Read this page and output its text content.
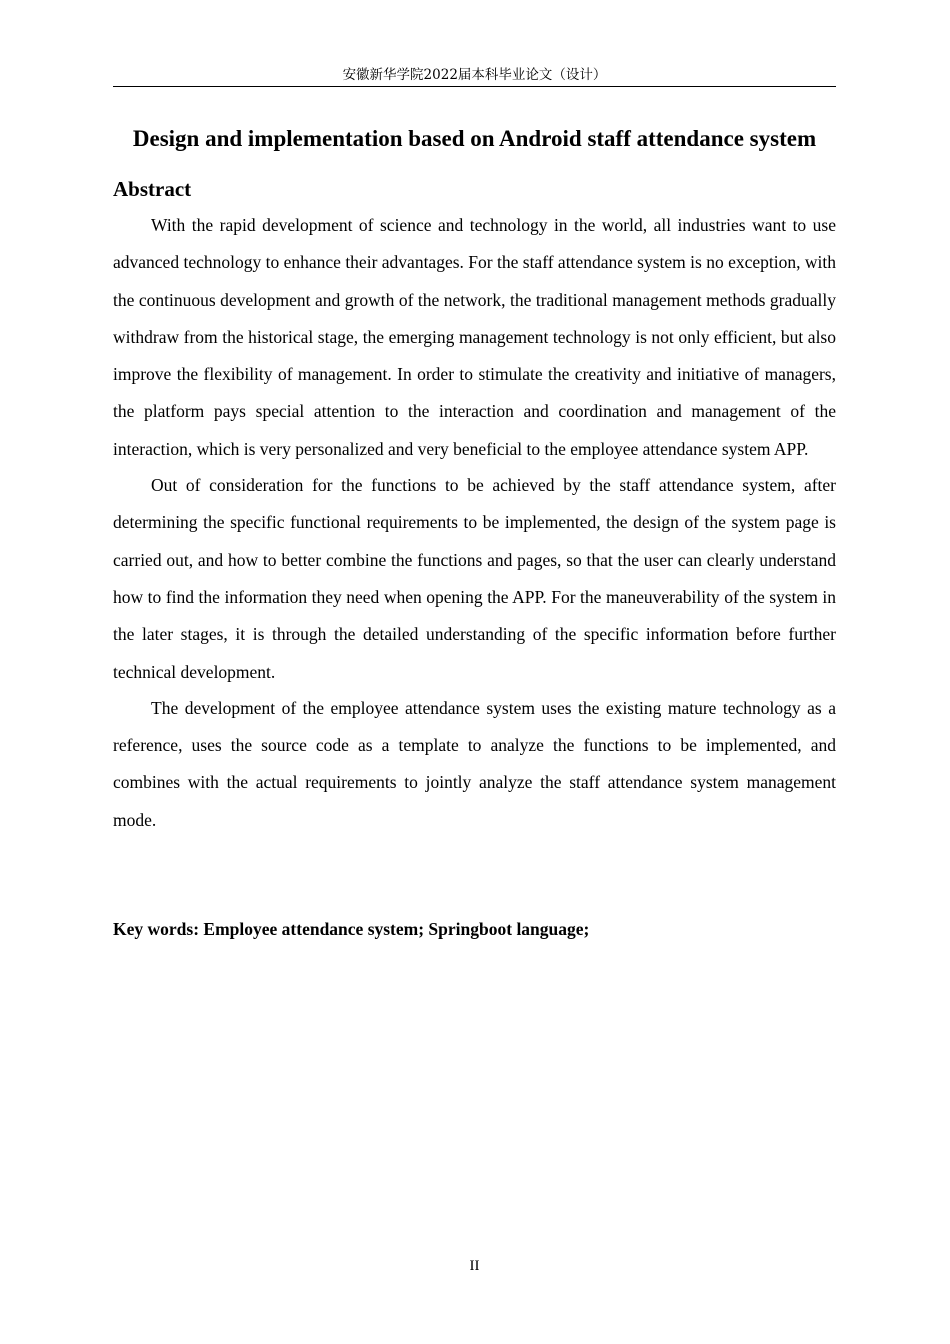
安徽新华学院2022届本科毕业论文（设计）
Design and implementation based on Android staff attendance system
Abstract

With the rapid development of science and technology in the world, all industries want to use advanced technology to enhance their advantages. For the staff attendance system is no exception, with the continuous development and growth of the network, the traditional management methods gradually withdraw from the historical stage, the emerging management technology is not only efficient, but also improve the flexibility of management. In order to stimulate the creativity and initiative of managers, the platform pays special attention to the interaction and coordination and management of the interaction, which is very personalized and very beneficial to the employee attendance system APP.

Out of consideration for the functions to be achieved by the staff attendance system, after determining the specific functional requirements to be implemented, the design of the system page is carried out, and how to better combine the functions and pages, so that the user can clearly understand how to find the information they need when opening the APP. For the maneuverability of the system in the later stages, it is through the detailed understanding of the specific information before further technical development.

The development of the employee attendance system uses the existing mature technology as a reference, uses the source code as a template to analyze the functions to be implemented, and combines with the actual requirements to jointly analyze the staff attendance system management mode.

Key words: Employee attendance system; Springboot language;
II
